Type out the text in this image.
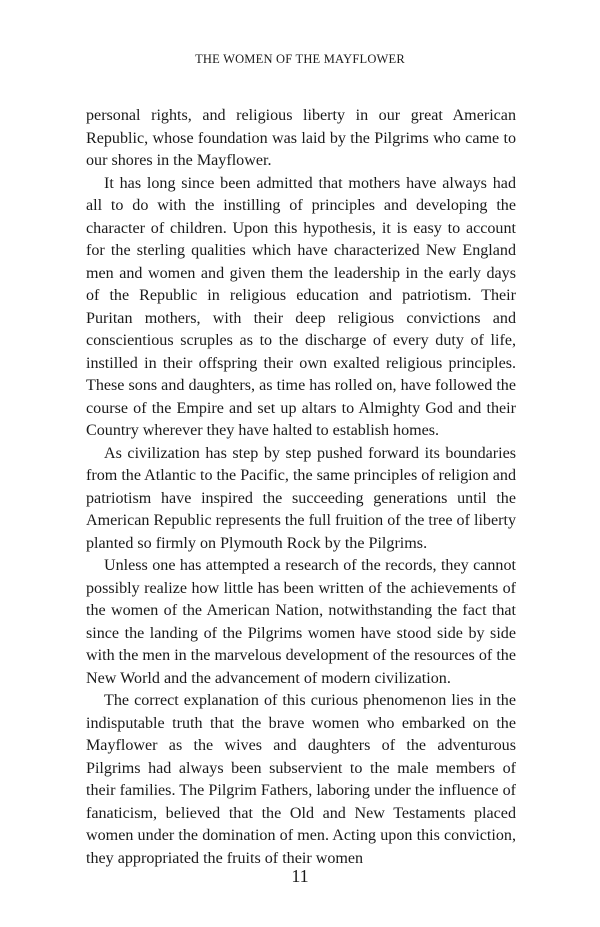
THE WOMEN OF THE MAYFLOWER

personal rights, and religious liberty in our great American Republic, whose foundation was laid by the Pilgrims who came to our shores in the Mayflower.

It has long since been admitted that mothers have always had all to do with the instilling of principles and developing the character of children. Upon this hypothesis, it is easy to account for the sterling qualities which have characterized New England men and women and given them the leadership in the early days of the Republic in religious education and patriotism. Their Puritan mothers, with their deep religious convictions and conscientious scruples as to the discharge of every duty of life, instilled in their offspring their own exalted religious principles. These sons and daughters, as time has rolled on, have followed the course of the Empire and set up altars to Almighty God and their Country wherever they have halted to establish homes.

As civilization has step by step pushed forward its boundaries from the Atlantic to the Pacific, the same principles of religion and patriotism have inspired the succeeding generations until the American Republic represents the full fruition of the tree of liberty planted so firmly on Plymouth Rock by the Pilgrims.

Unless one has attempted a research of the records, they cannot possibly realize how little has been written of the achievements of the women of the American Nation, notwithstanding the fact that since the landing of the Pilgrims women have stood side by side with the men in the marvelous development of the resources of the New World and the advancement of modern civilization.

The correct explanation of this curious phenomenon lies in the indisputable truth that the brave women who embarked on the Mayflower as the wives and daughters of the adventurous Pilgrims had always been subservient to the male members of their families. The Pilgrim Fathers, laboring under the influence of fanaticism, believed that the Old and New Testaments placed women under the domination of men. Acting upon this conviction, they appropriated the fruits of their women

11
